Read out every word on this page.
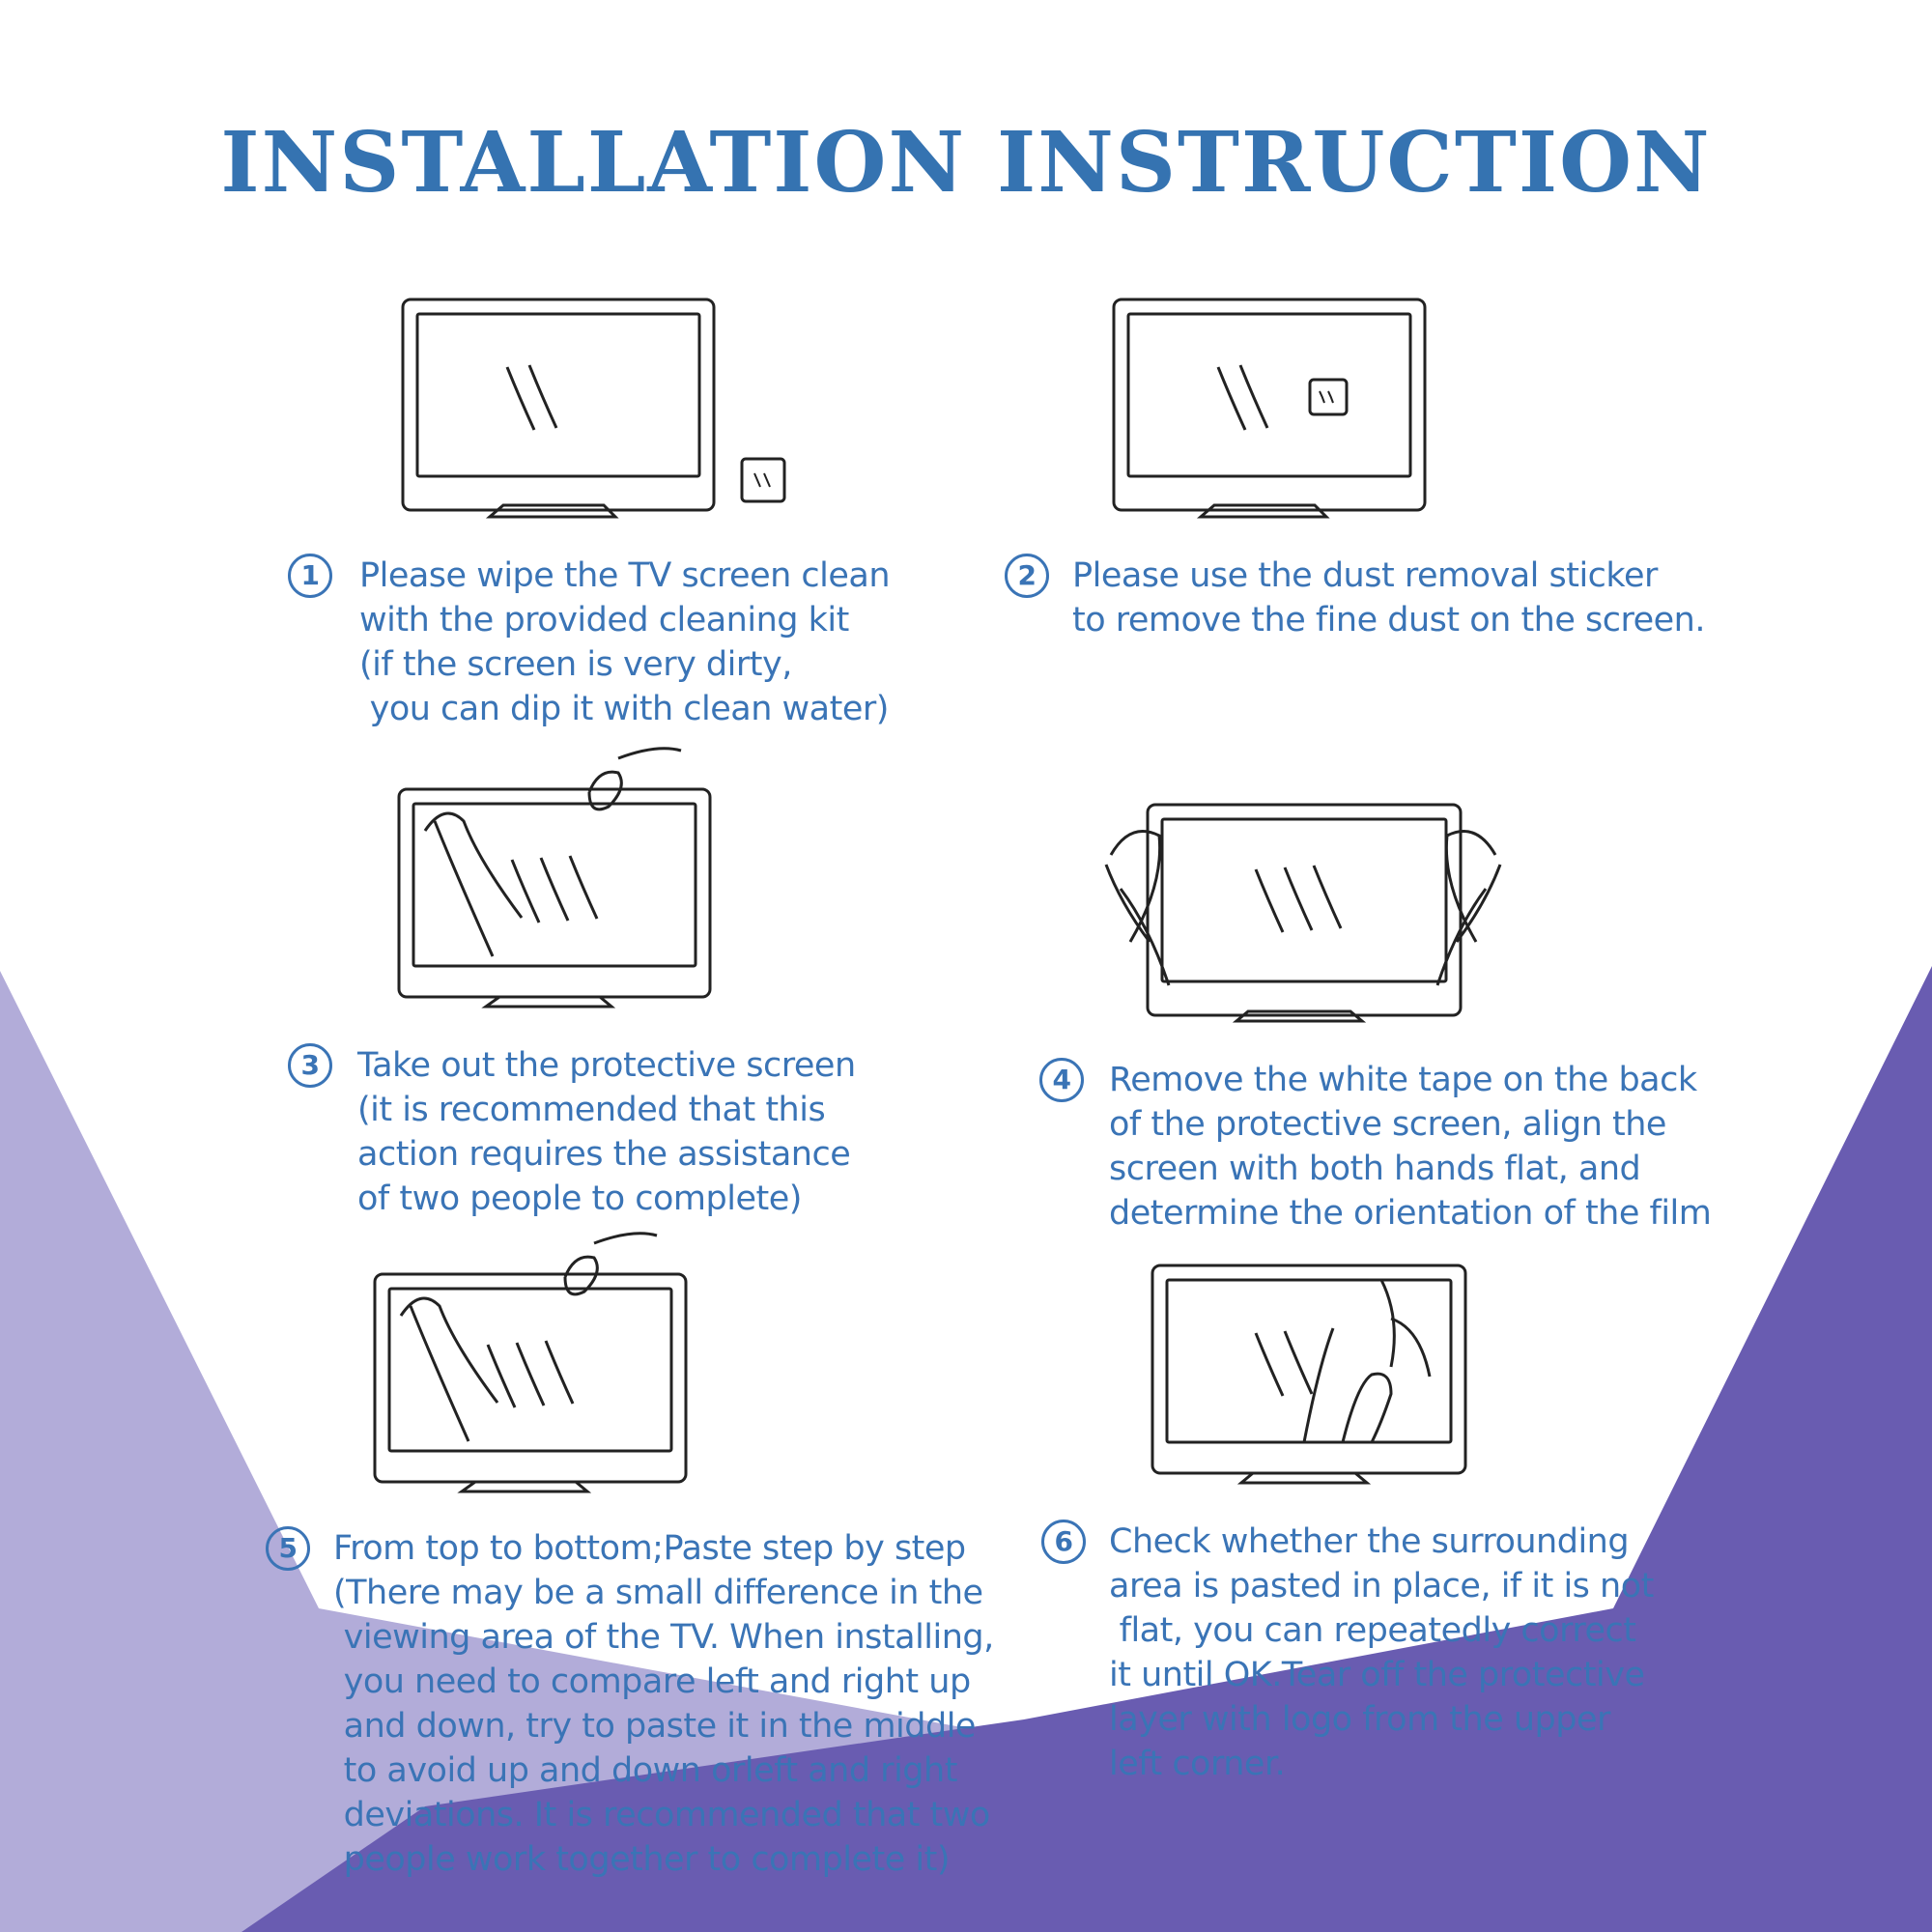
INSTALLATION INSTRUCTION
1	Please wipe the TV screen clean
with the provided cleaning kit
(if the screen is very dirty,
you can dip it with clean water)
2	Please use the dust removal sticker
to remove the fine dust on the screen.
3	Take out the protective screen
(it is recommended that this
action requires the assistance
of two people to complete)
4	Remove the white tape on the back
of the protective screen, align the
screen with both hands flat, and
determine the orientation of the film
5	From top to bottom;Paste step by step
(There may be a small difference in the
viewing area of the TV. When installing,
you need to compare left and right up
and down, try to paste it in the middle
to avoid up and down orleft and right
deviations. It is recommended that two
people work together to complete it)
6	Check whether the surrounding
area is pasted in place, if it is not
flat, you can repeatedly correct
it until OK.Tear off the protective
layer with logo from the upper
left corner.
